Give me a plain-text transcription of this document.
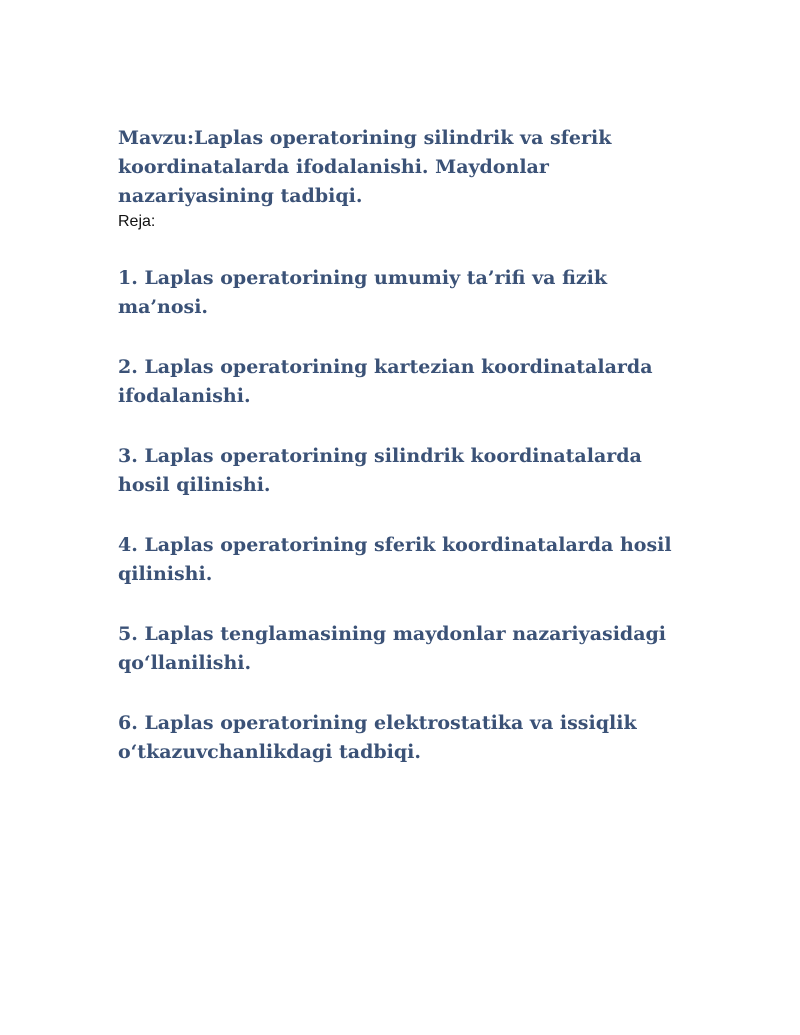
Mavzu:Laplas operatorining silindrik va sferik koordinatalarda ifodalanishi. Maydonlar nazariyasining tadbiqi.

Reja:

1. Laplas operatorining umumiy ta’rifi va fizik ma’nosi.
2. Laplas operatorining kartezian koordinatalarda ifodalanishi.
3. Laplas operatorining silindrik koordinatalarda hosil qilinishi.
4. Laplas operatorining sferik koordinatalarda hosil qilinishi.
5. Laplas tenglamasining maydonlar nazariyasidagi qo‘llanilishi.
6. Laplas operatorining elektrostatika va issiqlik o‘tkazuvchanlikdagi tadbiqi.
